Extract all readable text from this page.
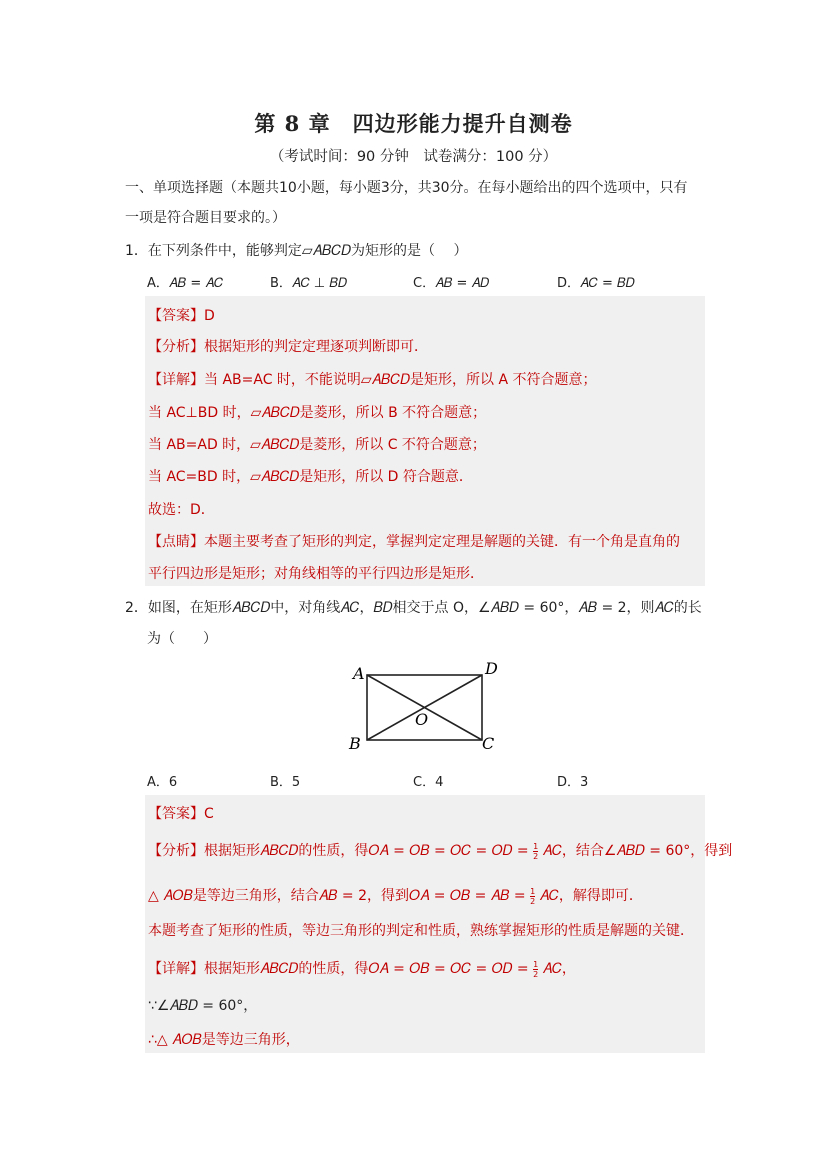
第 8 章　四边形能力提升自测卷
（考试时间：90 分钟　试卷满分：100 分）
一、单项选择题（本题共10小题，每小题3分，共30分。在每小题给出的四个选项中，只有
一项是符合题目要求的。）
1．在下列条件中，能够判定▱𝐴𝐵𝐶𝐷为矩形的是（　 ）
A．𝐴𝐵 = 𝐴𝐶	B．𝐴𝐶 ⊥ 𝐵𝐷	C．𝐴𝐵 = 𝐴𝐷	D．𝐴𝐶 = 𝐵𝐷
【答案】D
【分析】根据矩形的判定定理逐项判断即可．
【详解】当 AB=AC 时，不能说明▱𝐴𝐵𝐶𝐷是矩形，所以 A 不符合题意；
当 AC⊥BD 时，▱𝐴𝐵𝐶𝐷是菱形，所以 B 不符合题意；
当 AB=AD 时，▱𝐴𝐵𝐶𝐷是菱形，所以 C 不符合题意；
当 AC=BD 时，▱𝐴𝐵𝐶𝐷是矩形，所以 D 符合题意．
故选：D．
【点睛】本题主要考查了矩形的判定，掌握判定定理是解题的关键．有一个角是直角的
平行四边形是矩形；对角线相等的平行四边形是矩形．
2．如图，在矩形𝐴𝐵𝐶𝐷中，对角线𝐴𝐶，𝐵𝐷相交于点 O，∠𝐴𝐵𝐷 = 60°，𝐴𝐵 = 2，则𝐴𝐶的长
为（　　）
A	D
B	C
O
A．6	B．5	C．4	D．3
【答案】C
【分析】根据矩形𝐴𝐵𝐶𝐷的性质，得𝑂𝐴 = 𝑂𝐵 = 𝑂𝐶 = 𝑂𝐷 = $\frac{1}{2}$ 𝐴𝐶，结合∠𝐴𝐵𝐷 = 60°，得到
△ 𝐴𝑂𝐵是等边三角形，结合𝐴𝐵 = 2，得到𝑂𝐴 = 𝑂𝐵 = 𝐴𝐵 = $\frac{1}{2}$ 𝐴𝐶，解得即可．
本题考查了矩形的性质，等边三角形的判定和性质，熟练掌握矩形的性质是解题的关键．
【详解】根据矩形𝐴𝐵𝐶𝐷的性质，得𝑂𝐴 = 𝑂𝐵 = 𝑂𝐶 = 𝑂𝐷 = $\frac{1}{2}$ 𝐴𝐶，
∵∠𝐴𝐵𝐷 = 60°，
∴△ 𝐴𝑂𝐵是等边三角形，
